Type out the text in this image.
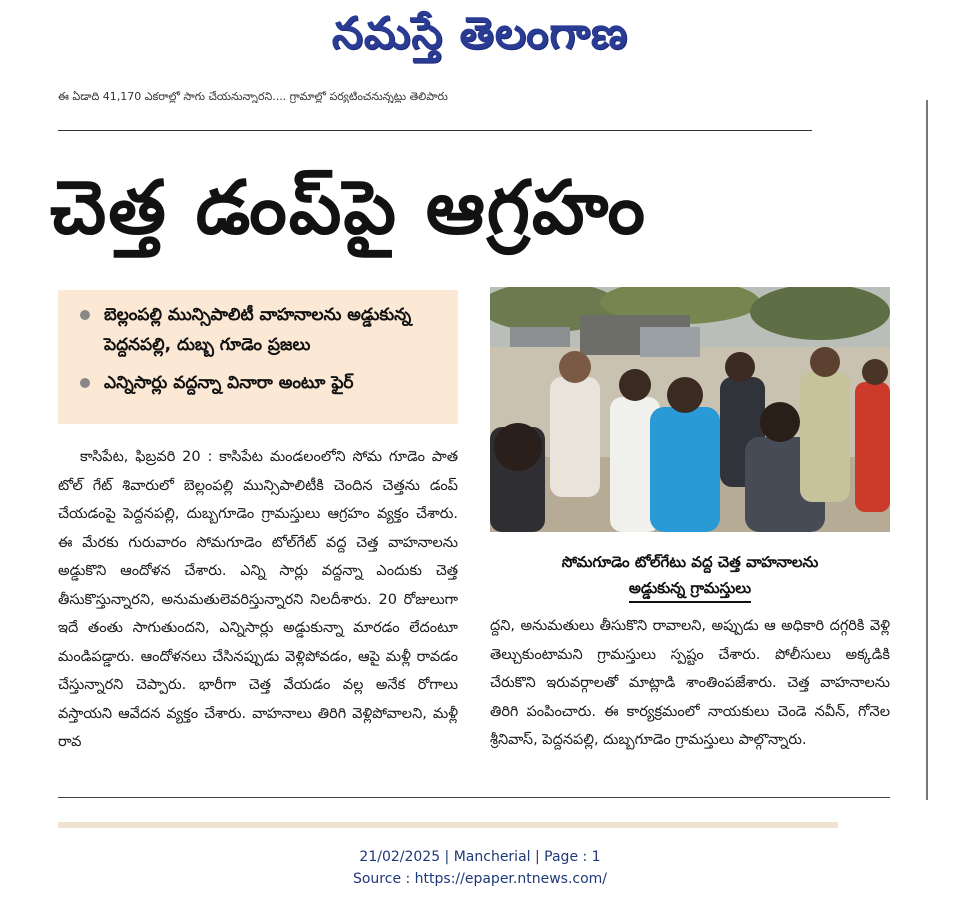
నమస్తే తెలంగాణ
ఈ ఏడాది 41,170 ఎకరాల్లో సాగు చేయనున్నారని.... గ్రామాల్లో పర్యటించనున్నట్లు తెలిపారు
చెత్త డంప్‌పై ఆగ్రహం
బెల్లంపల్లి మున్సిపాలిటీ వాహనాలను అడ్డుకున్న పెద్దనపల్లి, దుబ్బ గూడెం ప్రజలు
ఎన్నిసార్లు వద్దన్నా వినారా అంటూ ఫైర్
సోమగూడెం టోల్‌గేటు వద్ద చెత్త వాహనాలను
అడ్డుకున్న గ్రామస్తులు
కాసిపేట, ఫిబ్రవరి 20 : కాసిపేట మండలంలోని సోమ గూడెం పాత టోల్ గేట్ శివారులో బెల్లంపల్లి మున్సిపాలిటీకి చెందిన చెత్తను డంప్ చేయడంపై పెద్దనపల్లి, దుబ్బగూడెం గ్రామస్తులు ఆగ్రహం వ్యక్తం చేశారు. ఈ మేరకు గురువారం సోమగూడెం టోల్‌గేట్ వద్ద చెత్త వాహనాలను అడ్డుకొని ఆందోళన చేశారు. ఎన్ని సార్లు వద్దన్నా ఎందుకు చెత్త తీసుకొస్తున్నారని, అనుమతులెవరిస్తున్నారని నిలదీశారు. 20 రోజులుగా ఇదే తంతు సాగుతుందని, ఎన్నిసార్లు అడ్డుకున్నా మారడం లేదంటూ మండిపడ్డారు. ఆందోళనలు చేసినప్పుడు వెళ్లిపోవడం, ఆపై మళ్లీ రావడం చేస్తున్నారని చెప్పారు. భారీగా చెత్త వేయడం వల్ల అనేక రోగాలు వస్తాయని ఆవేదన వ్యక్తం చేశారు. వాహనాలు తిరిగి వెళ్లిపోవాలని, మళ్లీ రావ
ద్దని, అనుమతులు తీసుకొని రావాలని, అప్పుడు ఆ అధికారి దగ్గరికి వెళ్లి తెల్చుకుంటామని గ్రామస్తులు స్పష్టం చేశారు. పోలీసులు అక్కడికి చేరుకొని ఇరువర్గాలతో మాట్లాడి శాంతింపజేశారు. చెత్త వాహనాలను తిరిగి పంపించారు. ఈ కార్యక్రమంలో నాయకులు చెండె నవీన్, గోనెల శ్రీనివాస్, పెద్దనపల్లి, దుబ్బగూడెం గ్రామస్తులు పాల్గొన్నారు.
21/02/2025 | Mancherial | Page : 1
Source : https://epaper.ntnews.com/
